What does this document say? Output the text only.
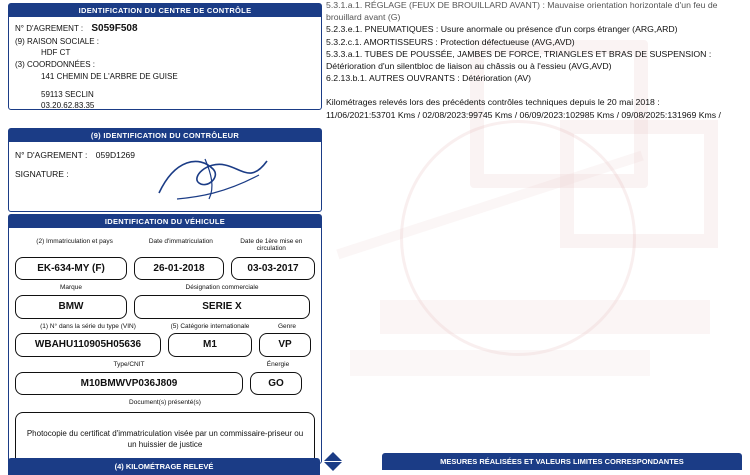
5.3.1.a.1. RÉGLAGE (FEUX DE BROUILLARD AVANT) : Mauvaise orientation horizontale d'un feu de brouillard avant (G)

5.2.3.e.1. PNEUMATIQUES : Usure anormale ou présence d'un corps étranger (ARG,ARD)

5.3.2.c.1. AMORTISSEURS : Protection défectueuse (AVG,AVD)

5.3.3.a.1. TUBES DE POUSSÉE, JAMBES DE FORCE, TRIANGLES ET BRAS DE SUSPENSION : Détérioration d'un silentbloc de liaison au châssis ou à l'essieu (AVG,AVD)

6.2.13.b.1. AUTRES OUVRANTS : Détérioration (AV)

Kilométrages relevés lors des précédents contrôles techniques depuis le 20 mai 2018 :

11/06/2021:53701 Kms / 02/08/2023:99745 Kms / 06/09/2023:102985 Kms / 09/08/2025:131969 Kms /

IDENTIFICATION DU CENTRE DE CONTRÔLE
N° D'AGREMENT : S059F508
(9) RAISON SOCIALE :
HDF CT
(3) COORDONNÉES :
141 CHEMIN DE L'ARBRE DE GUISE
59113 SECLIN
03.20.62.83.35
(9) IDENTIFICATION DU CONTRÔLEUR
N° D'AGREMENT : 059D1269
SIGNATURE :
IDENTIFICATION DU VÉHICULE
(2) Immatriculation et pays	Date d'immatriculation	Date de 1ère mise en circulation
EK-634-MY (F)	26-01-2018	03-03-2017
Marque	Désignation commerciale
BMW	SERIE X
(1) N° dans la série du type (VIN)	(5) Catégorie internationale	Genre
WBAHU110905H05636	M1	VP
Type/CNIT	Énergie
M10BMWVP036J809	GO
Document(s) présenté(s)
Photocopie du certificat d'immatriculation visée par un commissaire-priseur ou un huissier de justice
(4) KILOMÉTRAGE RELEVÉ
MESURES RÉALISÉES ET VALEURS LIMITES CORRESPONDANTES
